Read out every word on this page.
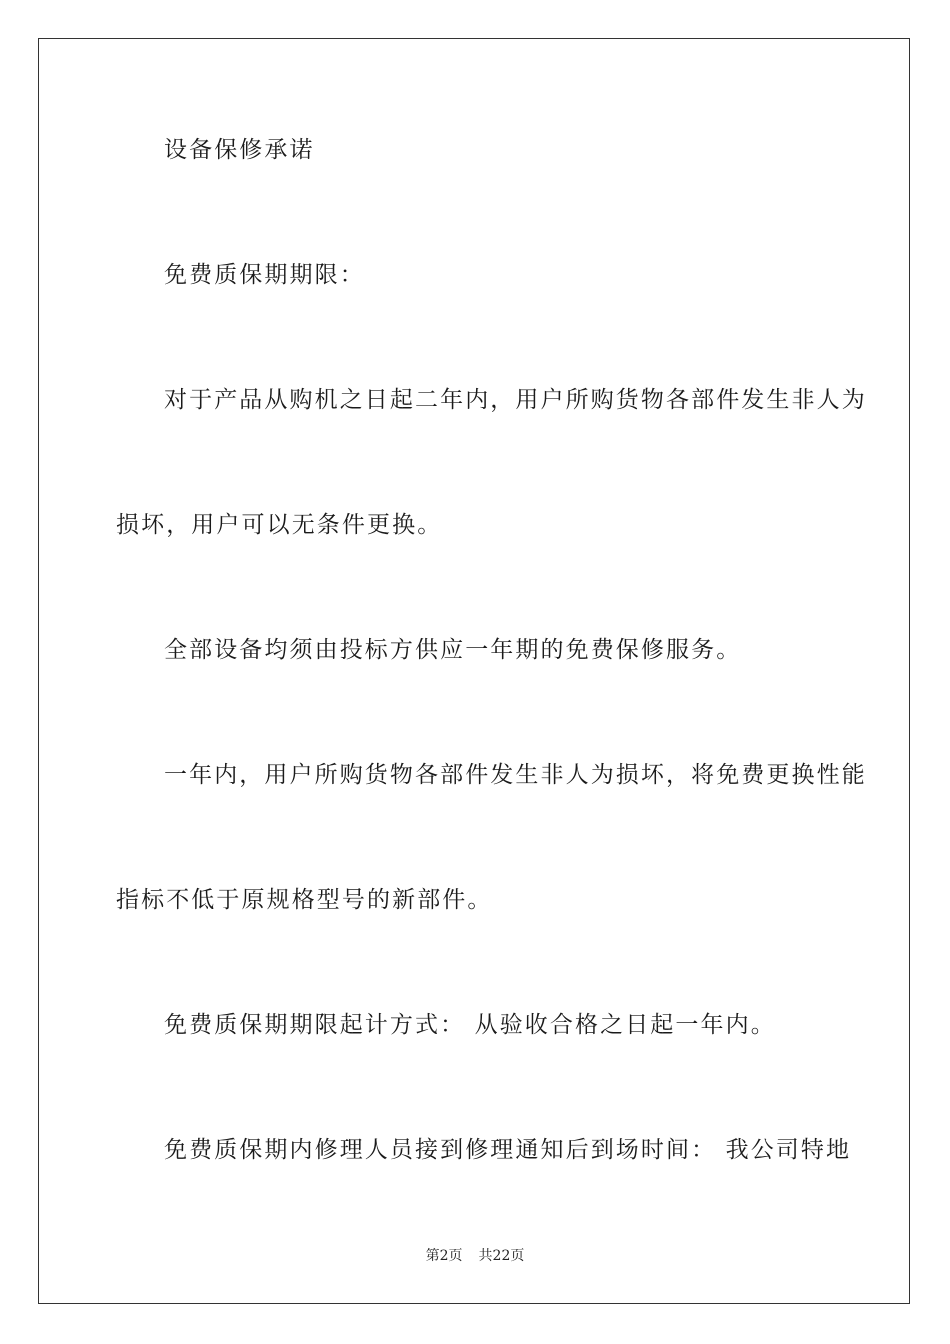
设备保修承诺
免费质保期期限：
对于产品从购机之日起二年内，用户所购货物各部件发生非人为
损坏，用户可以无条件更换。
全部设备均须由投标方供应一年期的免费保修服务。
一年内，用户所购货物各部件发生非人为损坏，将免费更换性能
指标不低于原规格型号的新部件。
免费质保期期限起计方式： 从验收合格之日起一年内。
免费质保期内修理人员接到修理通知后到场时间： 我公司特地
第2页 共22页
